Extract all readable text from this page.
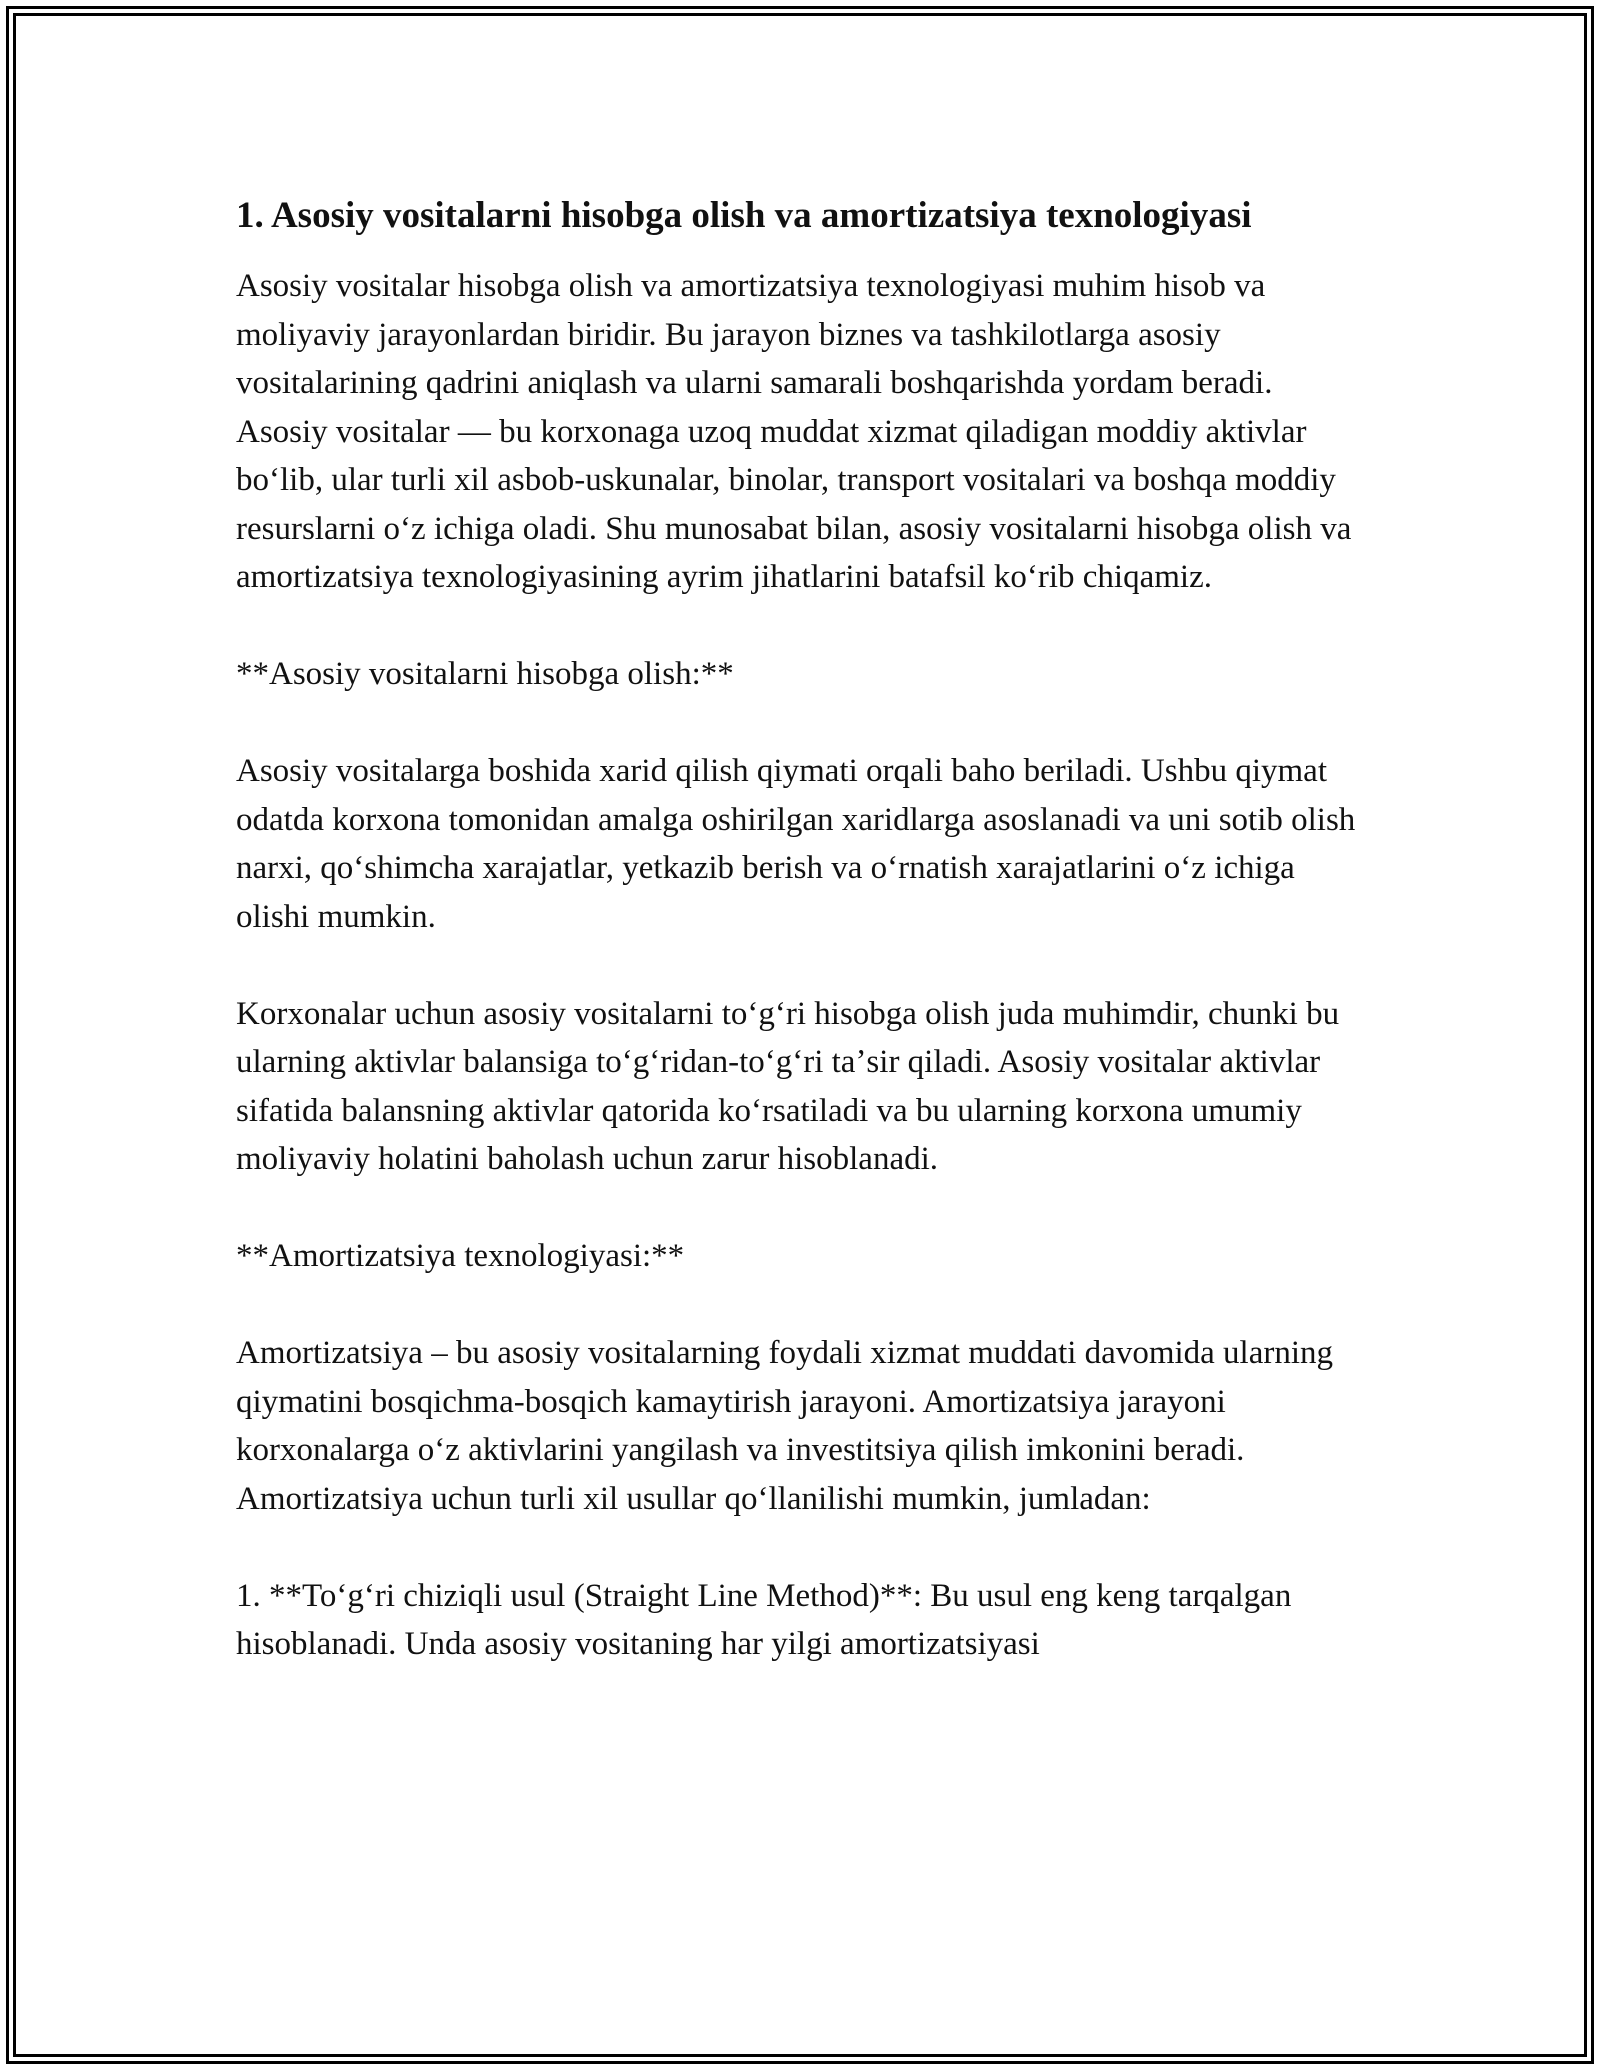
1. Asosiy vositalarni hisobga olish va amortizatsiya texnologiyasi

Asosiy vositalar hisobga olish va amortizatsiya texnologiyasi muhim hisob va moliyaviy jarayonlardan biridir. Bu jarayon biznes va tashkilotlarga asosiy vositalarining qadrini aniqlash va ularni samarali boshqarishda yordam beradi. Asosiy vositalar — bu korxonaga uzoq muddat xizmat qiladigan moddiy aktivlar boʻlib, ular turli xil asbob-uskunalar, binolar, transport vositalari va boshqa moddiy resurslarni oʻz ichiga oladi. Shu munosabat bilan, asosiy vositalarni hisobga olish va amortizatsiya texnologiyasining ayrim jihatlarini batafsil koʻrib chiqamiz.

**Asosiy vositalarni hisobga olish:**

Asosiy vositalarga boshida xarid qilish qiymati orqali baho beriladi. Ushbu qiymat odatda korxona tomonidan amalga oshirilgan xaridlarga asoslanadi va uni sotib olish narxi, qoʻshimcha xarajatlar, yetkazib berish va oʻrnatish xarajatlarini oʻz ichiga olishi mumkin.

Korxonalar uchun asosiy vositalarni toʻgʻri hisobga olish juda muhimdir, chunki bu ularning aktivlar balansiga toʻgʻridan-toʻgʻri taʼsir qiladi. Asosiy vositalar aktivlar sifatida balansning aktivlar qatorida koʻrsatiladi va bu ularning korxona umumiy moliyaviy holatini baholash uchun zarur hisoblanadi.

**Amortizatsiya texnologiyasi:**

Amortizatsiya – bu asosiy vositalarning foydali xizmat muddati davomida ularning qiymatini bosqichma-bosqich kamaytirish jarayoni. Amortizatsiya jarayoni korxonalarga oʻz aktivlarini yangilash va investitsiya qilish imkonini beradi. Amortizatsiya uchun turli xil usullar qoʻllanilishi mumkin, jumladan:

1. **Toʻgʻri chiziqli usul (Straight Line Method)**: Bu usul eng keng tarqalgan hisoblanadi. Unda asosiy vositaning har yilgi amortizatsiyasi
